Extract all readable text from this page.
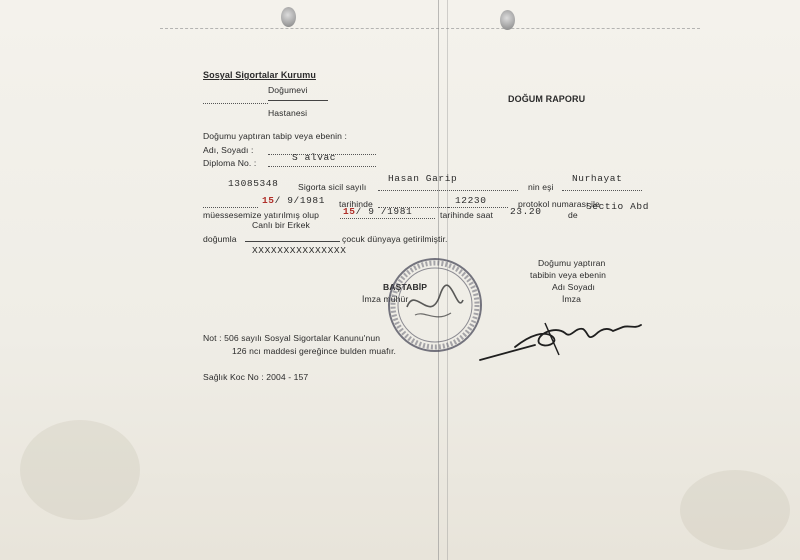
Sosyal Sigortalar Kurumu
Doğumevi
Hastanesi
DOĞUM RAPORU
Doğumu yaptıran tabip veya ebenin :
Adı, Soyadı :
Diploma No. :	S alvac
13085348 Sigorta sicil sayılı
Hasan Garip
nin eşi
Nurhayat
15/ 9/1981 tarihinde	12230	protokol numarası ile
müessesemize yatırılmış olup	15/ 9 /1981	tarihinde saat 23.20	de
Sectio Abd
Canlı bir Erkek
doğumla	çocuk dünyaya getirilmiştir.
XXXXXXXXXXXXXXX
BAŞTABİP
İmza mühür
Doğumu yaptıran
tabibin veya ebenin
Adı Soyadı
İmza
Not : 506 sayılı Sosyal Sigortalar Kanunu'nun
126 ncı maddesi gereğince bulden muafır.
Sağlık Koc No : 2004 - 157
